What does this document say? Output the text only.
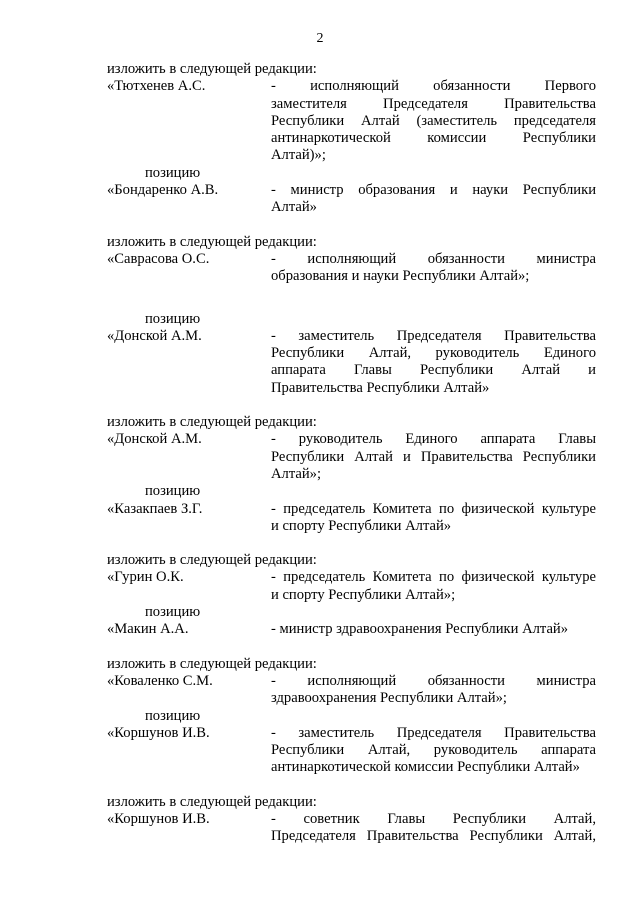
2
изложить в следующей редакции:
«Тютхенев А.С.	- исполняющий обязанности Первого
заместителя Председателя Правительства
Республики Алтай (заместитель председателя
антинаркотической комиссии Республики
Алтай)»;
позицию
«Бондаренко А.В.	- министр образования и науки Республики
Алтай»
изложить в следующей редакции:
«Саврасова О.С.	- исполняющий обязанности министра
образования и науки Республики Алтай»;
позицию
«Донской А.М.	- заместитель Председателя Правительства
Республики Алтай, руководитель Единого
аппарата Главы Республики Алтай и
Правительства Республики Алтай»
изложить в следующей редакции:
«Донской А.М.	- руководитель Единого аппарата Главы
Республики Алтай и Правительства Республики
Алтай»;
позицию
«Казакпаев З.Г.	- председатель Комитета по физической культуре
и спорту Республики Алтай»
изложить в следующей редакции:
«Гурин О.К.	- председатель Комитета по физической культуре
и спорту Республики Алтай»;
позицию
«Макин А.А.	- министр здравоохранения Республики Алтай»
изложить в следующей редакции:
«Коваленко С.М.	- исполняющий обязанности министра
здравоохранения Республики Алтай»;
позицию
«Коршунов И.В.	- заместитель Председателя Правительства
Республики Алтай, руководитель аппарата
антинаркотической комиссии Республики Алтай»
изложить в следующей редакции:
«Коршунов И.В.	- советник Главы Республики Алтай,
Председателя Правительства Республики Алтай,
